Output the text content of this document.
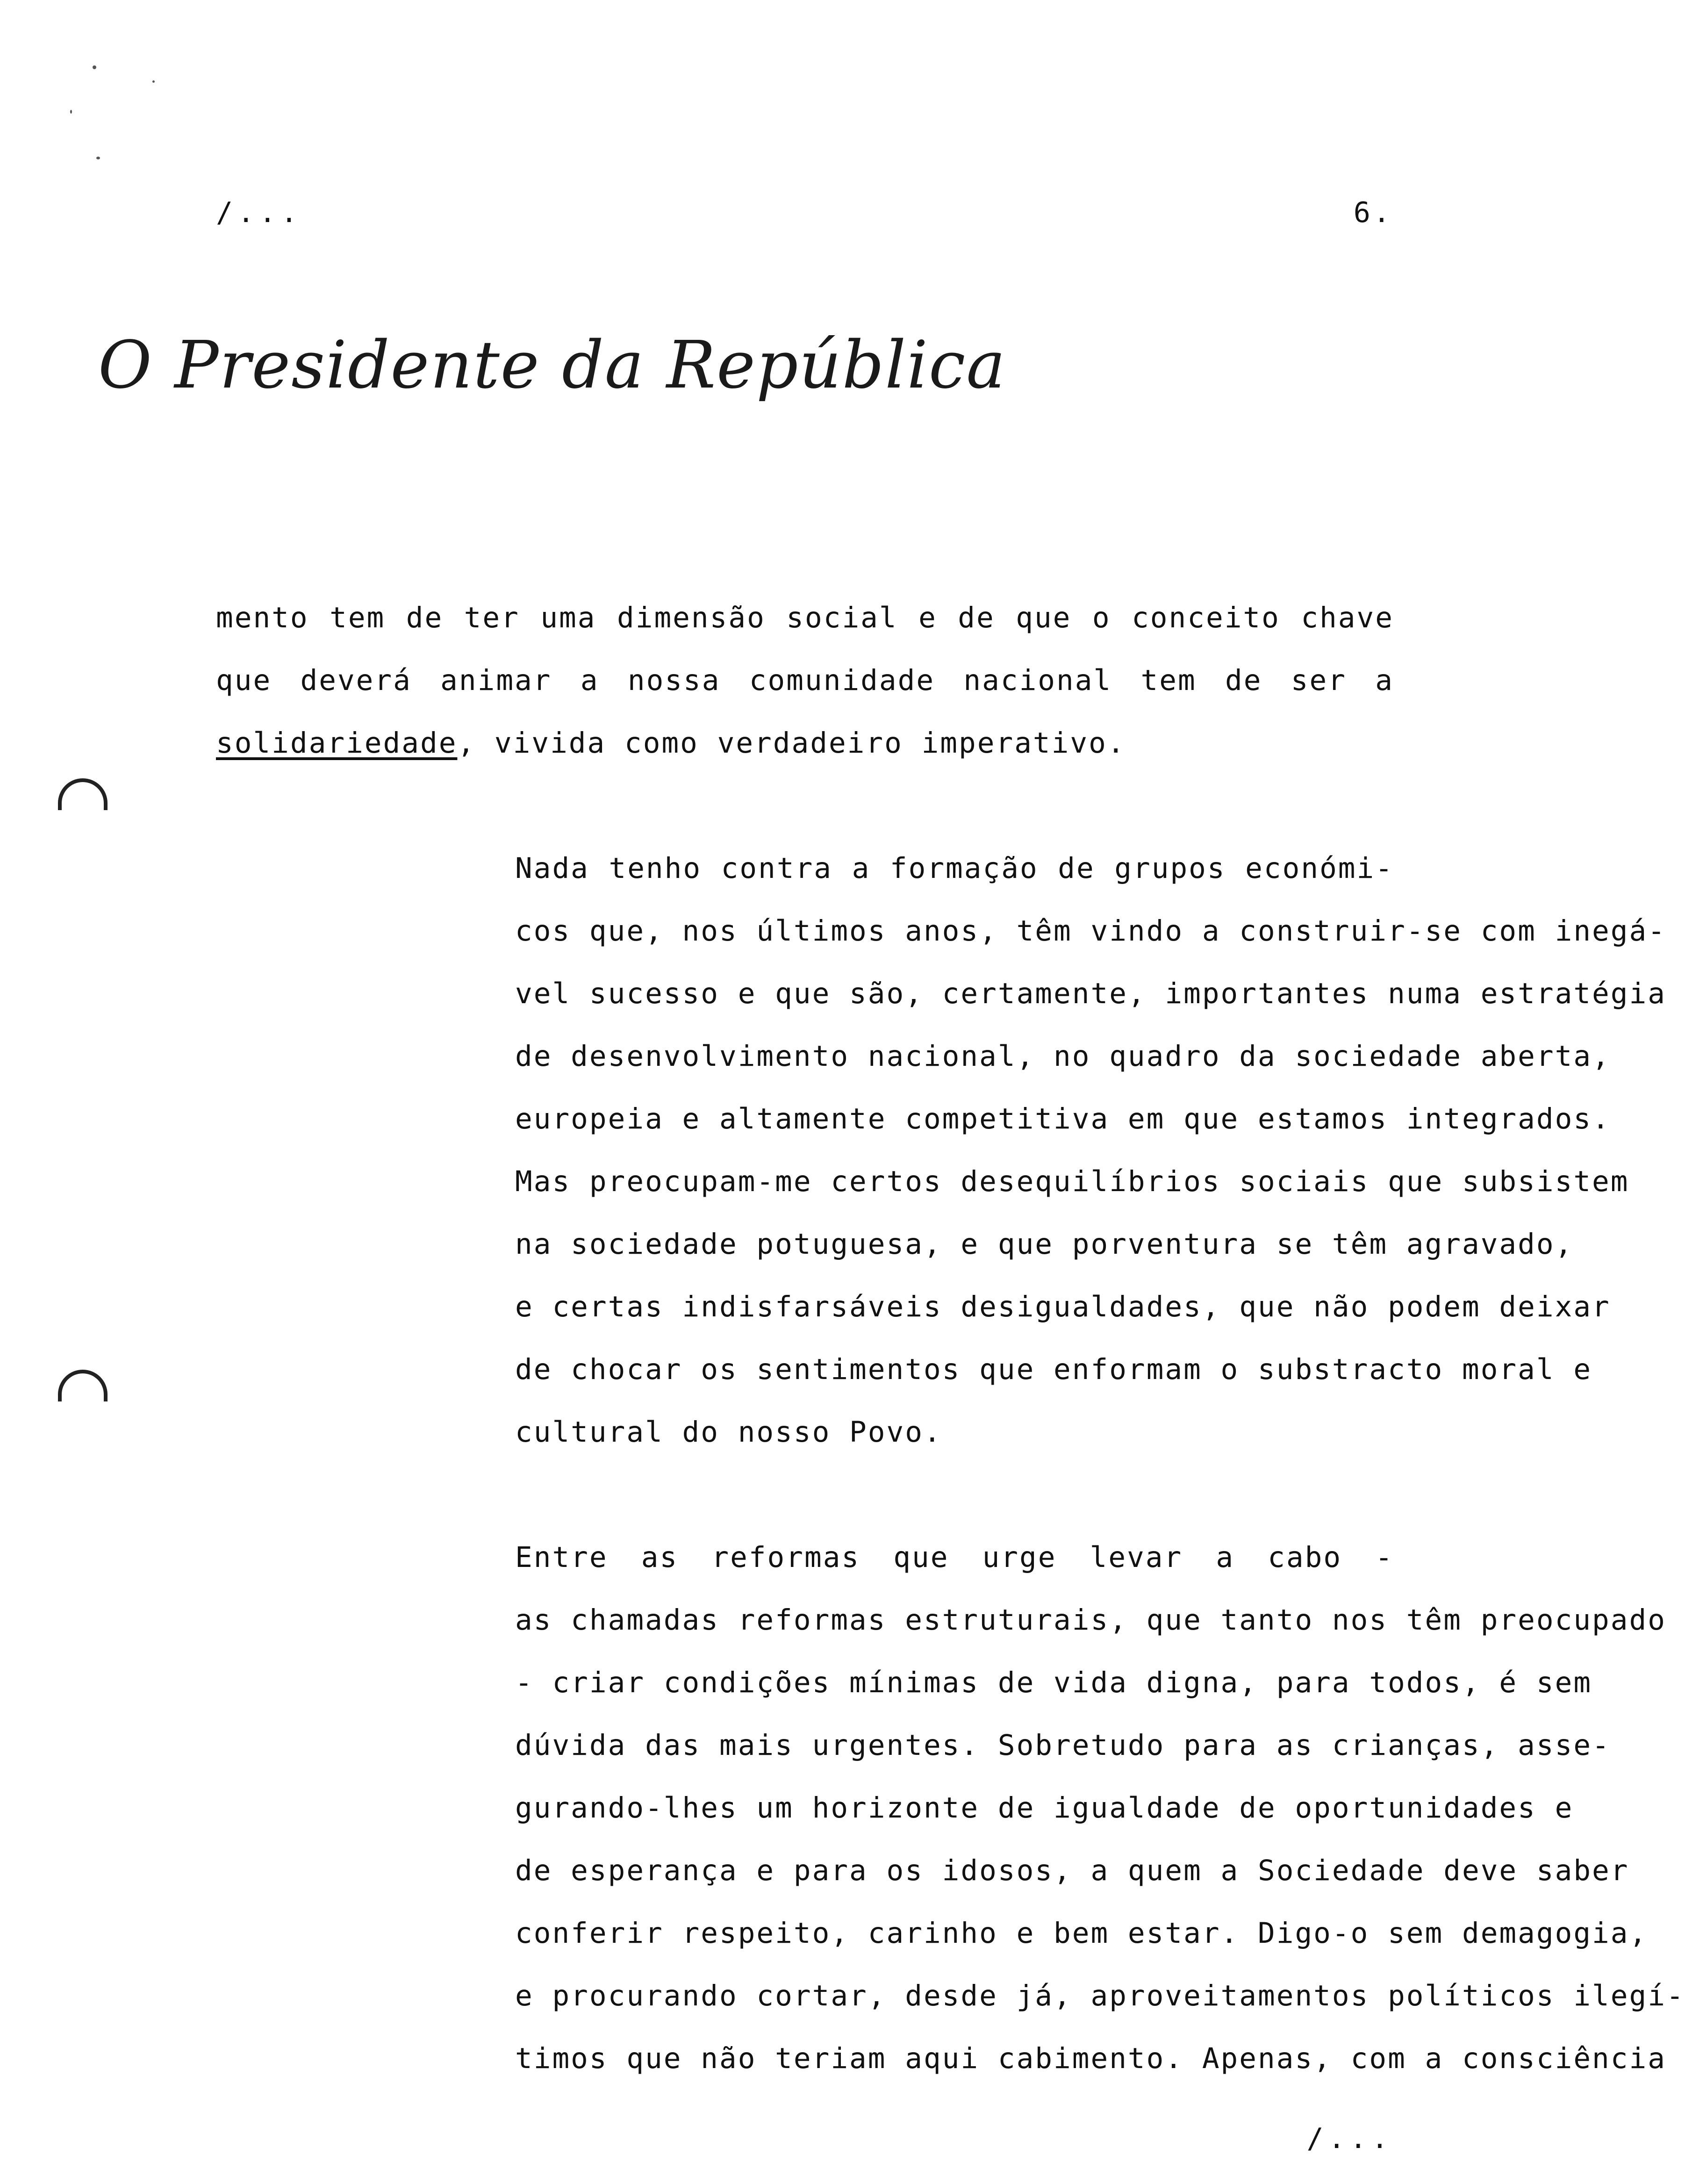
/...	6.
O Presidente da República

mento tem de ter uma dimensão social e de que o conceito chave
que deverá animar a nossa comunidade nacional tem de ser a
solidariedade, vivida como verdadeiro imperativo.

Nada tenho contra a formação de grupos económi-
cos que, nos últimos anos, têm vindo a construir-se com inegá-
vel sucesso e que são, certamente, importantes numa estratégia
de desenvolvimento nacional, no quadro da sociedade aberta,
europeia e altamente competitiva em que estamos integrados.
Mas preocupam-me certos desequilíbrios sociais que subsistem
na sociedade potuguesa, e que porventura se têm agravado,
e certas indisfarsáveis desigualdades, que não podem deixar
de chocar os sentimentos que enformam o substracto moral e
cultural do nosso Povo.

Entre as reformas que urge levar a cabo -
as chamadas reformas estruturais, que tanto nos têm preocupado
- criar condições mínimas de vida digna, para todos, é sem
dúvida das mais urgentes. Sobretudo para as crianças, asse-
gurando-lhes um horizonte de igualdade de oportunidades e
de esperança e para os idosos, a quem a Sociedade deve saber
conferir respeito, carinho e bem estar. Digo-o sem demagogia,
e procurando cortar, desde já, aproveitamentos políticos ilegí-
timos que não teriam aqui cabimento. Apenas, com a consciência

/...
